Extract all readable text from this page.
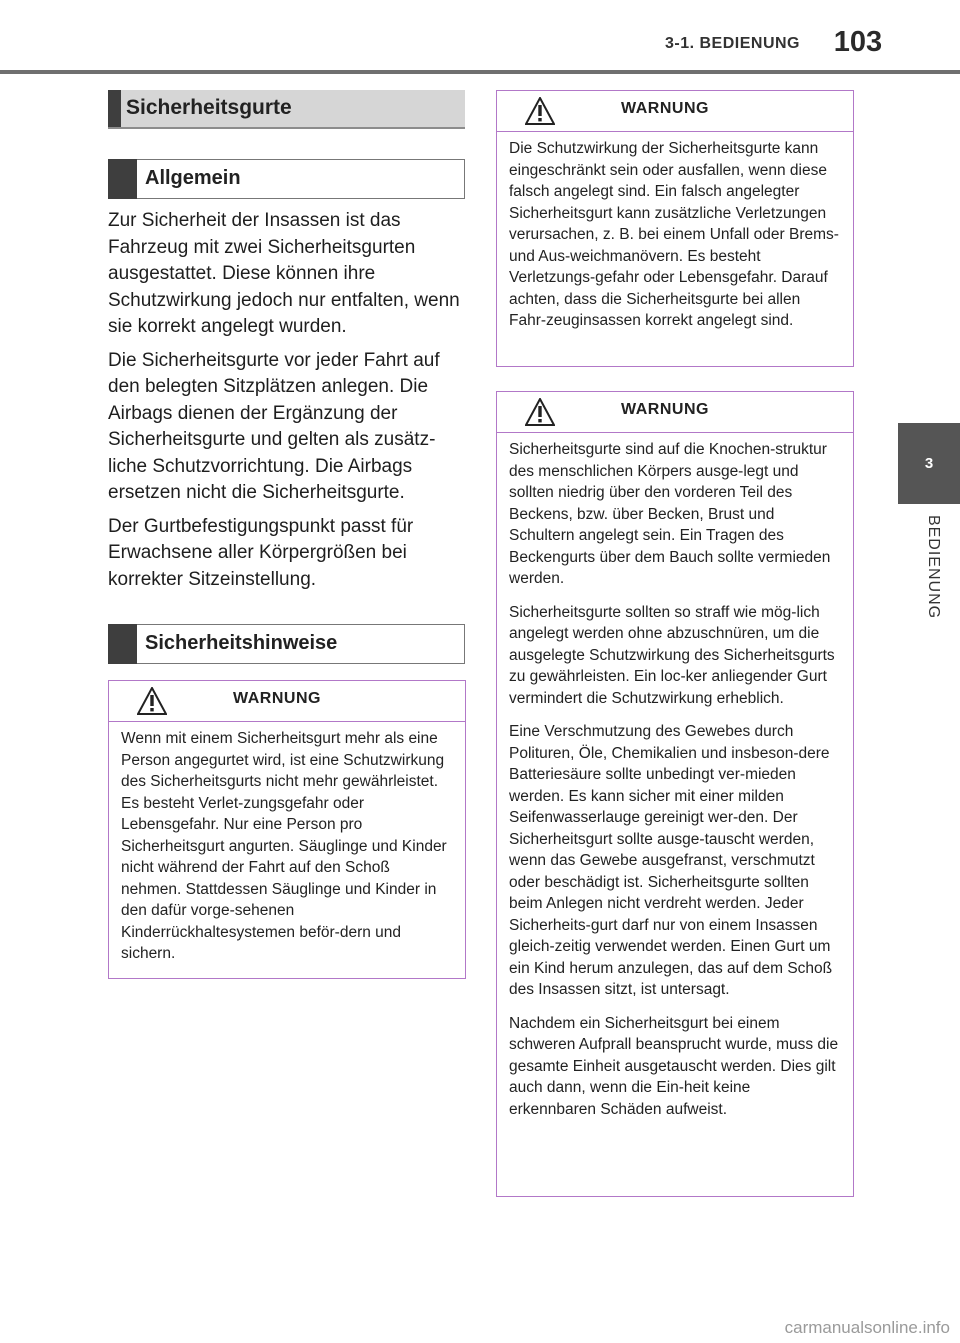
3-1. BEDIENUNG	103
3
BEDIENUNG
Sicherheitsgurte
Allgemein

Zur Sicherheit der Insassen ist das Fahrzeug mit zwei Sicherheitsgurten ausgestattet. Diese können ihre Schutzwirkung jedoch nur entfalten, wenn sie korrekt angelegt wurden.

Die Sicherheitsgurte vor jeder Fahrt auf den belegten Sitzplätzen anlegen. Die Airbags dienen der Ergänzung der Sicherheitsgurte und gelten als zusätz-liche Schutzvorrichtung. Die Airbags ersetzen nicht die Sicherheitsgurte.

Der Gurtbefestigungspunkt passt für Erwachsene aller Körpergrößen bei korrekter Sitzeinstellung.

Sicherheitshinweise
WARNUNG

Wenn mit einem Sicherheitsgurt mehr als eine Person angegurtet wird, ist eine Schutzwirkung des Sicherheitsgurts nicht mehr gewährleistet. Es besteht Verlet-zungsgefahr oder Lebensgefahr. Nur eine Person pro Sicherheitsgurt angurten. Säuglinge und Kinder nicht während der Fahrt auf den Schoß nehmen. Stattdessen Säuglinge und Kinder in den dafür vorge-sehenen Kinderrückhaltesystemen beför-dern und sichern.

WARNUNG

Die Schutzwirkung der Sicherheitsgurte kann eingeschränkt sein oder ausfallen, wenn diese falsch angelegt sind. Ein falsch angelegter Sicherheitsgurt kann zusätzliche Verletzungen verursachen, z. B. bei einem Unfall oder Brems- und Aus-weichmanövern. Es besteht Verletzungs-gefahr oder Lebensgefahr. Darauf achten, dass die Sicherheitsgurte bei allen Fahr-zeuginsassen korrekt angelegt sind.

WARNUNG

Sicherheitsgurte sind auf die Knochen-struktur des menschlichen Körpers ausge-legt und sollten niedrig über den vorderen Teil des Beckens, bzw. über Becken, Brust und Schultern angelegt sein. Ein Tragen des Beckengurts über dem Bauch sollte vermieden werden.

Sicherheitsgurte sollten so straff wie mög-lich angelegt werden ohne abzuschnüren, um die ausgelegte Schutzwirkung des Sicherheitsgurts zu gewährleisten. Ein loc-ker anliegender Gurt vermindert die Schutzwirkung erheblich.

Eine Verschmutzung des Gewebes durch Polituren, Öle, Chemikalien und insbeson-dere Batteriesäure sollte unbedingt ver-mieden werden. Es kann sicher mit einer milden Seifenwasserlauge gereinigt wer-den. Der Sicherheitsgurt sollte ausge-tauscht werden, wenn das Gewebe ausgefranst, verschmutzt oder beschädigt ist. Sicherheitsgurte sollten beim Anlegen nicht verdreht werden. Jeder Sicherheits-gurt darf nur von einem Insassen gleich-zeitig verwendet werden. Einen Gurt um ein Kind herum anzulegen, das auf dem Schoß des Insassen sitzt, ist untersagt.

Nachdem ein Sicherheitsgurt bei einem schweren Aufprall beansprucht wurde, muss die gesamte Einheit ausgetauscht werden. Dies gilt auch dann, wenn die Ein-heit keine erkennbaren Schäden aufweist.

carmanualsonline.info
